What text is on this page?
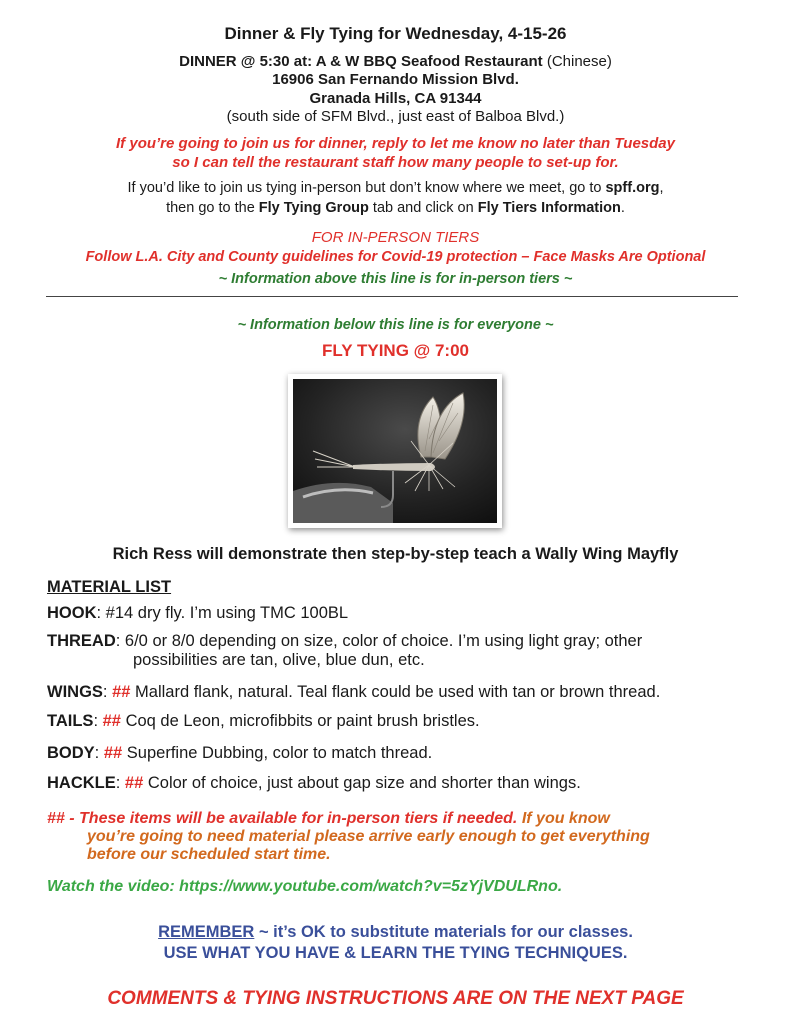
Dinner & Fly Tying for Wednesday, 4-15-26
DINNER @ 5:30 at: A & W BBQ Seafood Restaurant (Chinese)
16906 San Fernando Mission Blvd.
Granada Hills, CA 91344
(south side of SFM Blvd., just east of Balboa Blvd.)
If you’re going to join us for dinner, reply to let me know no later than Tuesday
so I can tell the restaurant staff how many people to set-up for.
If you’d like to join us tying in-person but don’t know where we meet, go to spff.org,
then go to the Fly Tying Group tab and click on Fly Tiers Information.
FOR IN-PERSON TIERS
Follow L.A. City and County guidelines for Covid-19 protection – Face Masks Are Optional
~ Information above this line is for in-person tiers ~
~ Information below this line is for everyone ~
FLY TYING @ 7:00
Rich Ress will demonstrate then step-by-step teach a Wally Wing Mayfly
MATERIAL LIST
HOOK: #14 dry fly. I’m using TMC 100BL
THREAD: 6/0 or 8/0 depending on size, color of choice. I’m using light gray; other
possibilities are tan, olive, blue dun, etc.
WINGS: ## Mallard flank, natural. Teal flank could be used with tan or brown thread.
TAILS: ## Coq de Leon, microfibbits or paint brush bristles.
BODY: ## Superfine Dubbing, color to match thread.
HACKLE: ## Color of choice, just about gap size and shorter than wings.
## - These items will be available for in-person tiers if needed. If you know
you’re going to need material please arrive early enough to get everything
before our scheduled start time.
Watch the video: https://www.youtube.com/watch?v=5zYjVDULRno.
REMEMBER ~ it’s OK to substitute materials for our classes.
USE WHAT YOU HAVE & LEARN THE TYING TECHNIQUES.
COMMENTS & TYING INSTRUCTIONS ARE ON THE NEXT PAGE
